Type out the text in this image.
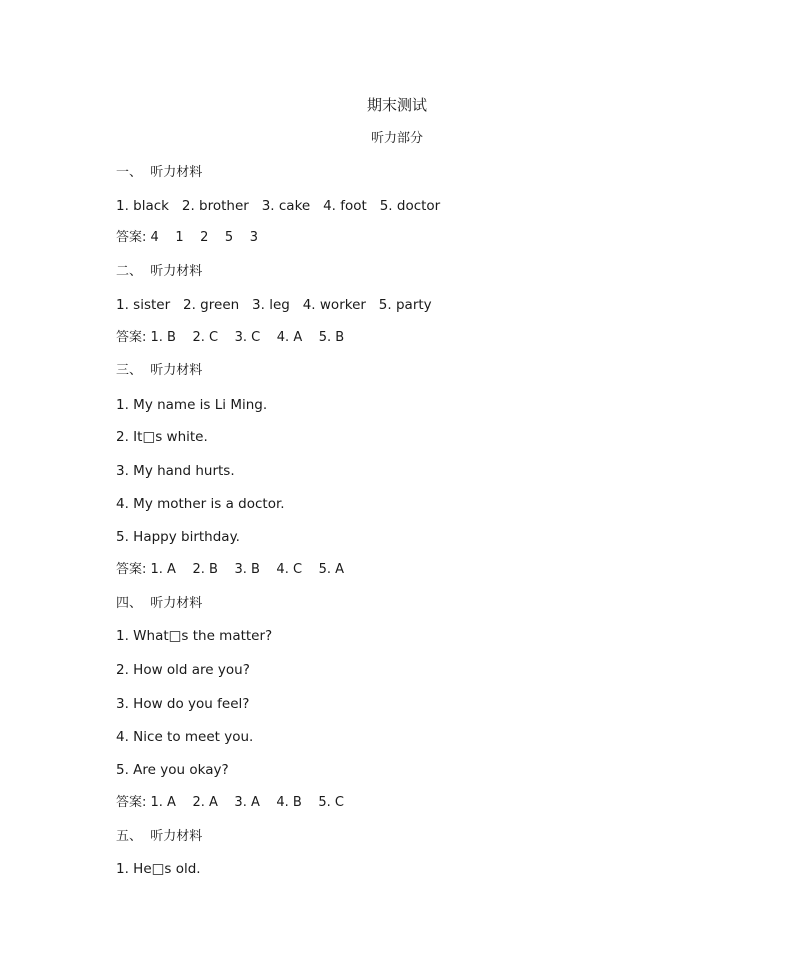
期末测试
听力部分
一、  听力材料
1. black   2. brother   3. cake   4. foot   5. doctor
答案: 4    1    2    5    3
二、  听力材料
1. sister   2. green   3. leg   4. worker   5. party
答案: 1. B    2. C    3. C    4. A    5. B
三、  听力材料
1. My name is Li Ming.
2. It□s white.
3. My hand hurts.
4. My mother is a doctor.
5. Happy birthday.
答案: 1. A    2. B    3. B    4. C    5. A
四、  听力材料
1. What□s the matter?
2. How old are you?
3. How do you feel?
4. Nice to meet you.
5. Are you okay?
答案: 1. A    2. A    3. A    4. B    5. C
五、  听力材料
1. He□s old.
